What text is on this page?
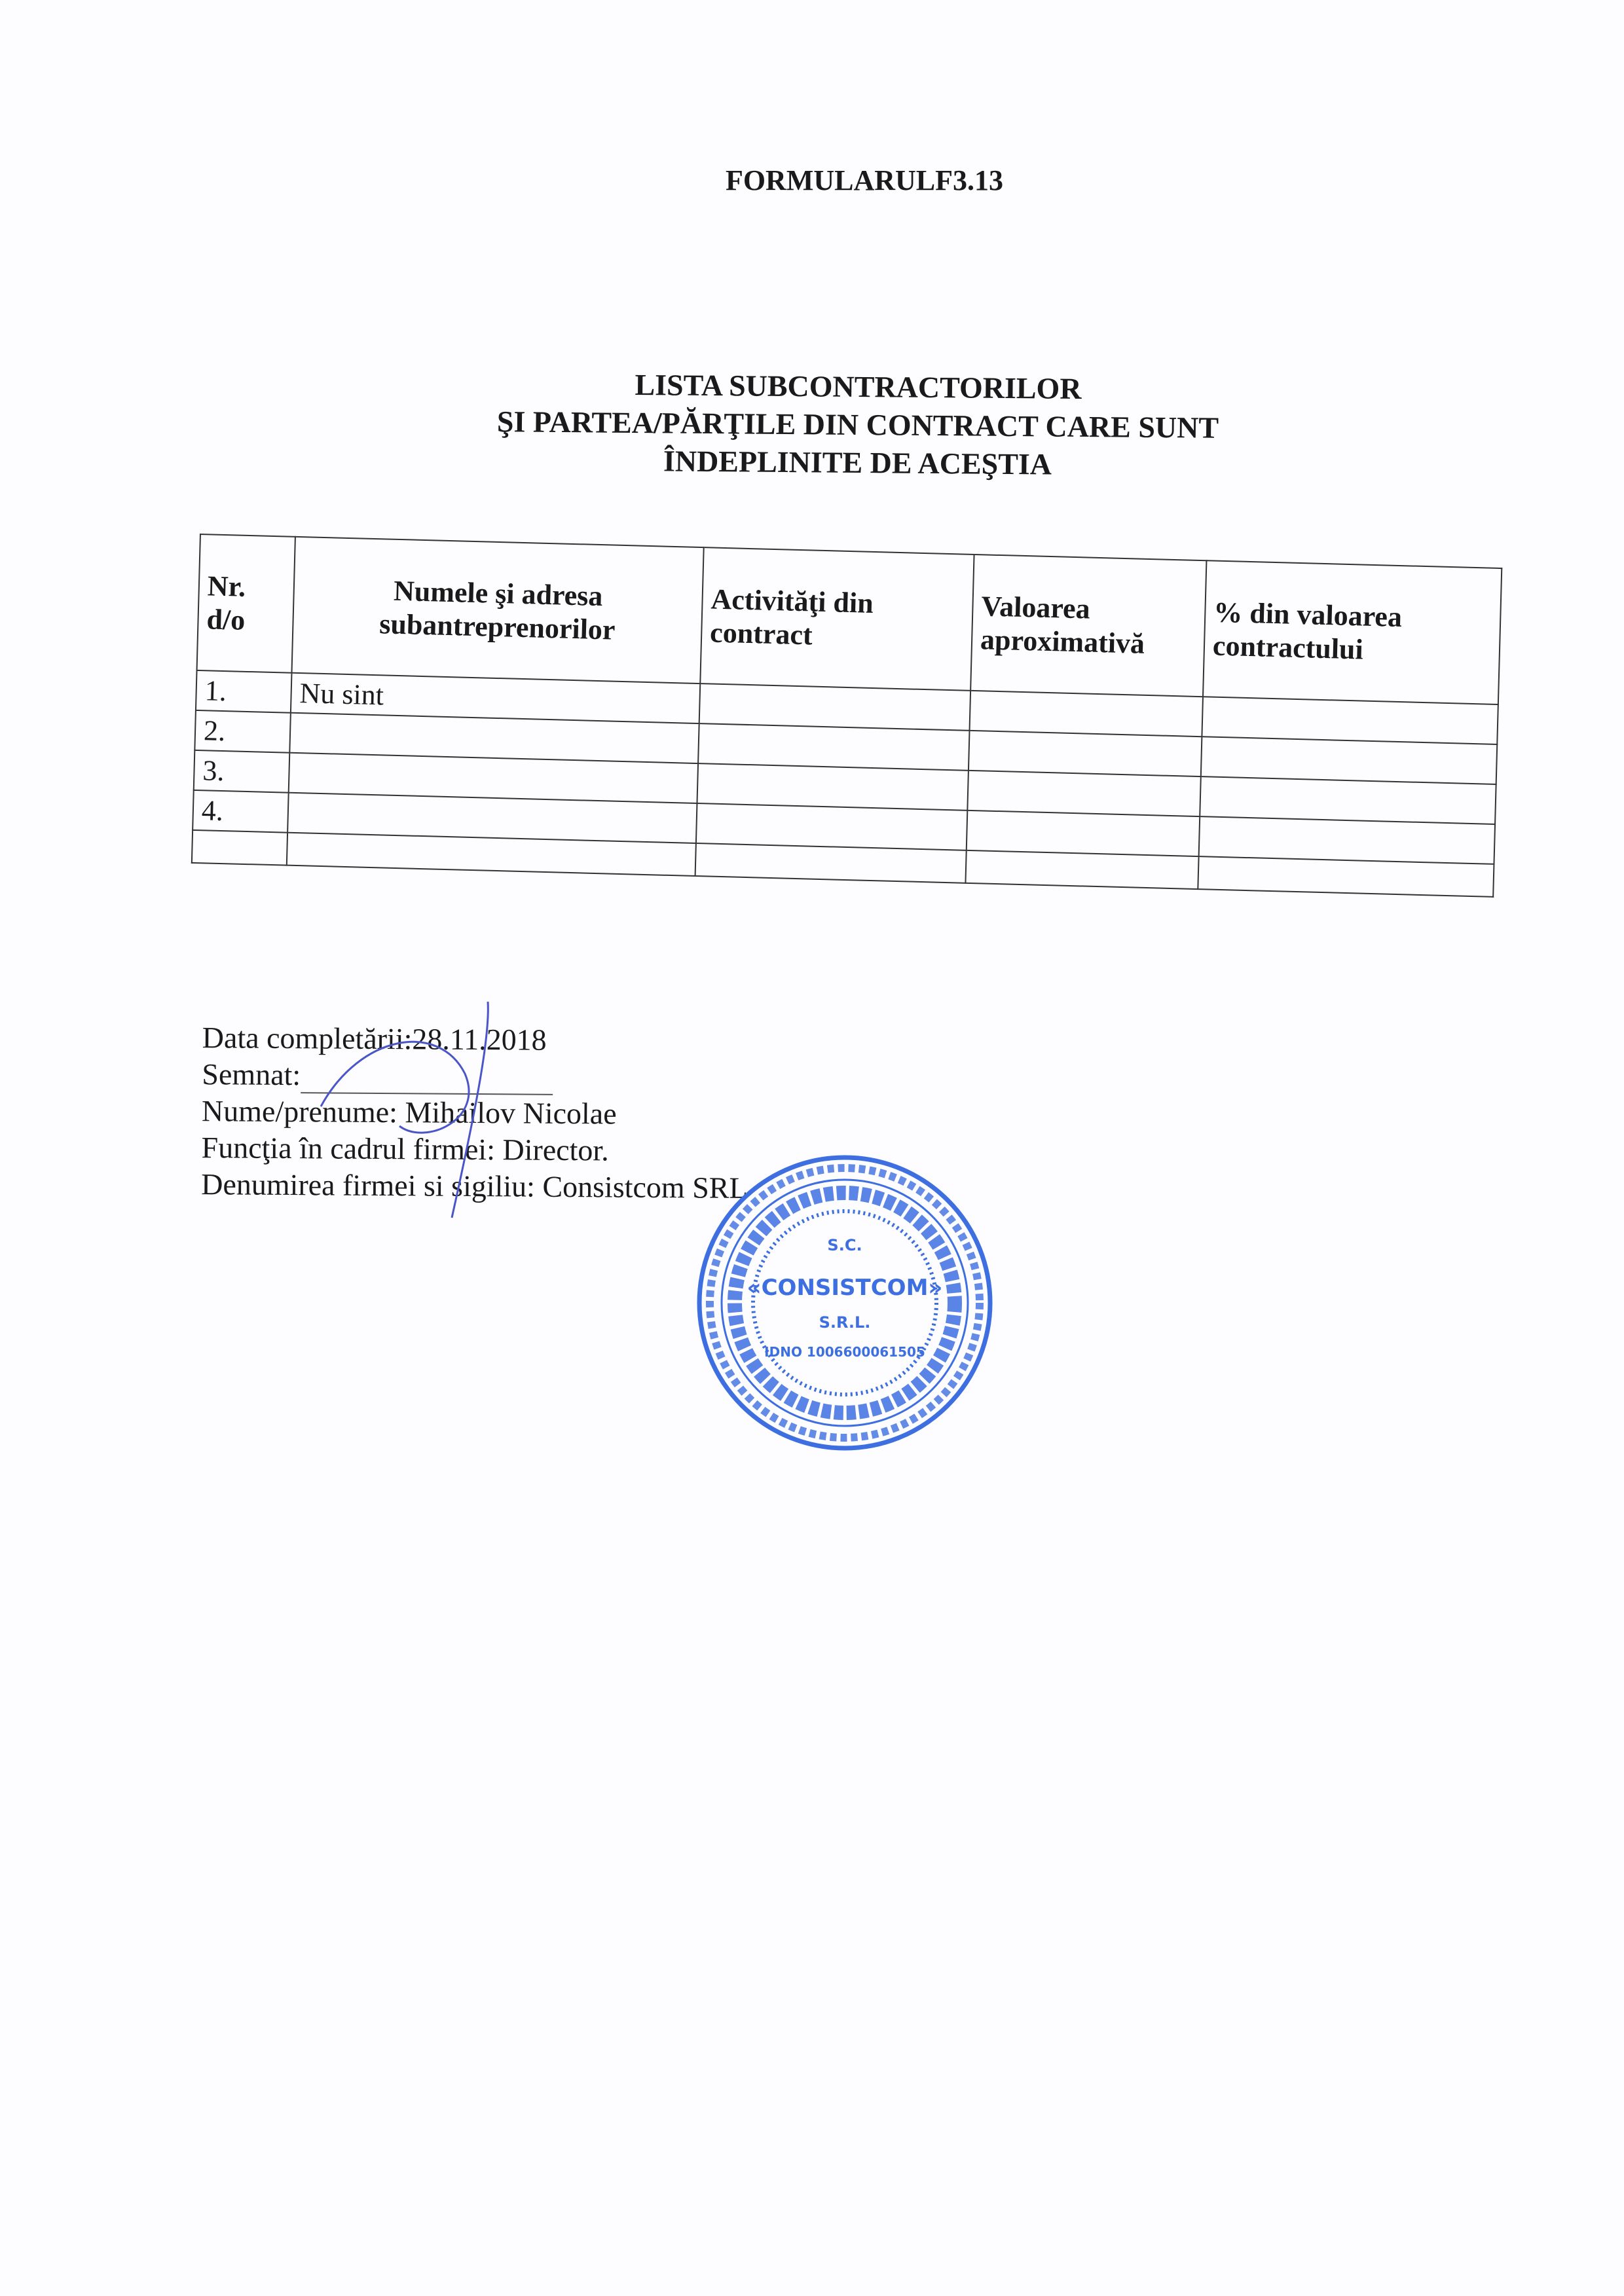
FORMULARULF3.13
LISTA SUBCONTRACTORILOR
ŞI PARTEA/PĂRŢILE DIN CONTRACT CARE SUNT
ÎNDEPLINITE DE ACEŞTIA
Nr. d/o	Numele şi adresa subantreprenorilor	Activităţi din contract	Valoarea aproximativă	% din valoarea contractului
1.	Nu sint			
2.				
3.				
4.				

Data completării:28.11.2018
Semnat:
Nume/prenume: Mihailov Nicolae
Funcţia în cadrul firmei: Director.
Denumirea firmei si sigiliu: Consistcom SRL
S.C.
«CONSISTCOM»
S.R.L.
IDNO 1006600061505
